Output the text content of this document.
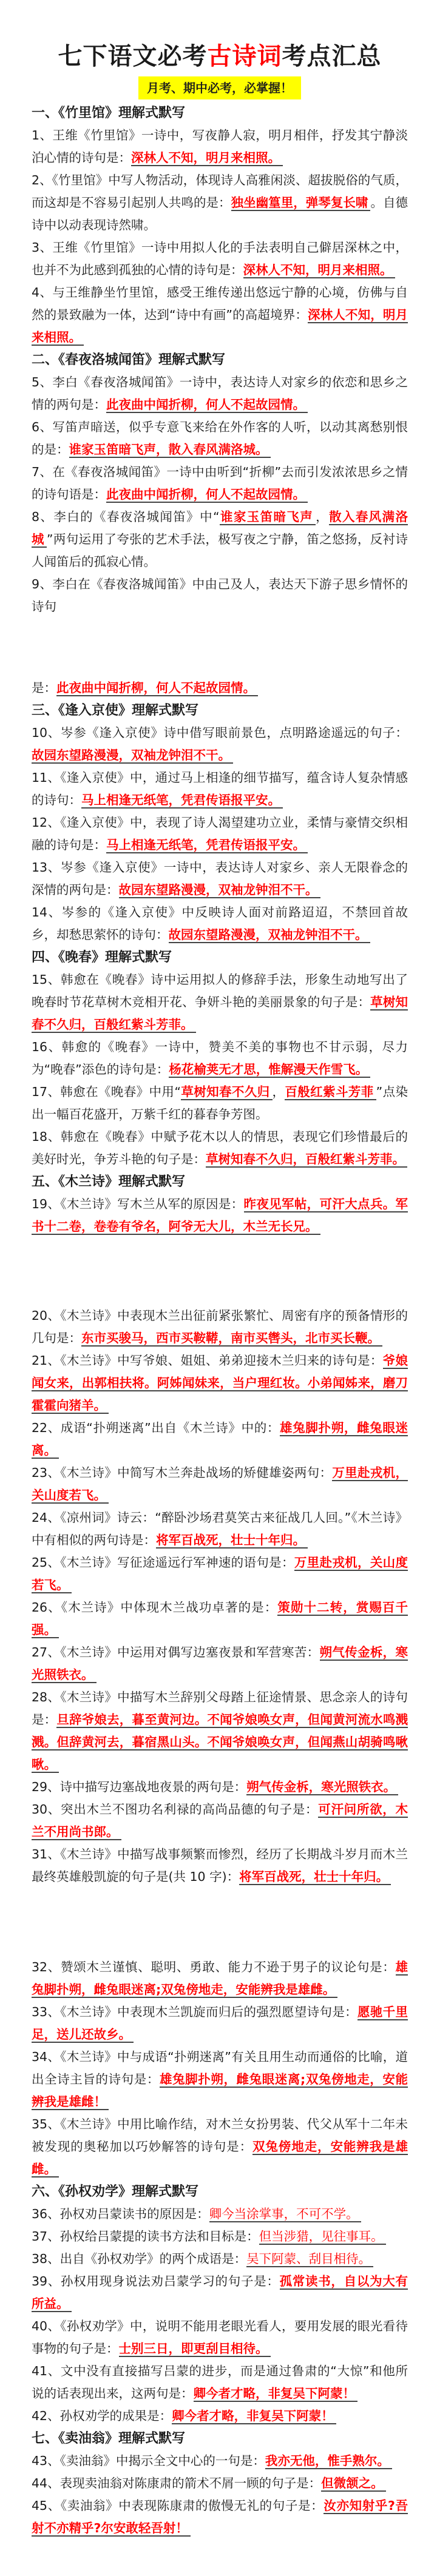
七下语文必考古诗词考点汇总
月考、期中必考，必掌握！
一、《竹里馆》理解式默写
1、王维《竹里馆》一诗中，写夜静人寂，明月相伴，抒发其宁静淡泊心情的诗句是：深林人不知，明月来相照。
2、《竹里馆》中写人物活动，体现诗人高雅闲淡、超拔脱俗的气质，而这却是不容易引起别人共鸣的是：独坐幽篁里，弹琴复长啸 。自德诗中以动表现诗然啸。
3、王维《竹里馆》一诗中用拟人化的手法表明自己僻居深林之中，也并不为此感到孤独的心情的诗句是：深林人不知，明月来相照。
4、与王维静坐竹里馆，感受王维传递出悠远宁静的心境，仿佛与自然的景致融为一体，达到“诗中有画”的高超境界：深林人不知，明月来相照。
二、《春夜洛城闻笛》理解式默写
5、李白《春夜洛城闻笛》一诗中，表达诗人对家乡的依恋和思乡之情的两句是：此夜曲中闻折柳，何人不起故园情。
6、写笛声暗送，似乎专意飞来给在外作客的人听，以动其离愁别恨的是：谁家玉笛暗飞声，散入春风满洛城。
7、在《春夜洛城闻笛》一诗中由听到“折柳”去而引发浓浓思乡之情的诗句语是：此夜曲中闻折柳，何人不起故园情。
8、李白的《春夜洛城闻笛》中“谁家玉笛暗飞声 ，散入春风满洛城 ”两句运用了夸张的艺术手法，极写夜之宁静，笛之悠扬，反衬诗人闻笛后的孤寂心情。
9、李白在《春夜洛城闻笛》中由己及人，表达天下游子思乡情怀的诗句
是：此夜曲中闻折柳，何人不起故园情。
三、《逢入京使》理解式默写
10、岑参《逢入京使》诗中借写眼前景色，点明路途遥远的句子：故园东望路漫漫，双袖龙钟泪不干。
11、《逢入京使》中，通过马上相逢的细节描写，蕴含诗人复杂情感的诗句：马上相逢无纸笔，凭君传语报平安。
12、《逢入京使》中，表现了诗人渴望建功立业，柔情与豪情交织相融的诗句是：马上相逢无纸笔，凭君传语报平安。
13、岑参《逢入京使》一诗中，表达诗人对家乡、亲人无限眷念的深情的两句是：故园东望路漫漫，双袖龙钟泪不干。
14、岑参的《逢入京使》中反映诗人面对前路迢迢，不禁回首故乡，却愁思萦怀的诗句：故园东望路漫漫，双袖龙钟泪不干。
四、《晚春》理解式默写
15、韩愈在《晚春》诗中运用拟人的修辞手法，形象生动地写出了晚春时节花草树木竞相开花、争妍斗艳的美丽景象的句子是：草树知春不久归，百般红紫斗芳菲。
16、韩愈的《晚春》一诗中，赞美不美的事物也不甘示弱，尽力为“晚春”添色的诗句是：杨花榆荚无才思，惟解漫天作雪飞。
17、韩愈在《晚春》中用“草树知春不久归 ，百般红紫斗芳菲 ”点染出一幅百花盛开，万紫千红的暮春争芳图。
18、韩愈在《晚春》中赋予花木以人的情思，表现它们珍惜最后的美好时光，争芳斗艳的句子是：草树知春不久归，百般红紫斗芳菲。
五、《木兰诗》理解式默写
19、《木兰诗》写木兰从军的原因是：昨夜见军帖，可汗大点兵。军书十二卷，卷卷有爷名，阿爷无大儿，木兰无长兄。
20、《木兰诗》中表现木兰出征前紧张繁忙、周密有序的预备情形的几句是：东市买骏马，西市买鞍鞯，南市买辔头，北市买长鞭。
21、《木兰诗》中写爷娘、姐姐、弟弟迎接木兰归来的诗句是：爷娘闻女来，出郭相扶将。阿姊闻妹来，当户理红妆。小弟闻姊来，磨刀霍霍向猪羊。
22、成语“扑朔迷离”出自《木兰诗》中的：雄兔脚扑朔，雌兔眼迷离。
23、《木兰诗》中简写木兰奔赴战场的矫健雄姿两句：万里赴戎机，关山度若飞。
24、《凉州词》诗云：“醉卧沙场君莫笑古来征战几人回。”《木兰诗》中有相似的两句诗是：将军百战死，壮士十年归。
25、《木兰诗》写征途遥远行军神速的语句是：万里赴戎机，关山度若飞。
26、《木兰诗》中体现木兰战功卓著的是：策勋十二转，赏赐百千强。
27、《木兰诗》中运用对偶写边塞夜景和军营寒苦：朔气传金柝，寒光照铁衣。
28、《木兰诗》中描写木兰辞别父母踏上征途情景、思念亲人的诗句是：旦辞爷娘去，暮至黄河边。不闻爷娘唤女声，但闻黄河流水鸣溅溅。但辞黄河去，暮宿黑山头。不闻爷娘唤女声，但闻燕山胡骑鸣啾啾。
29、诗中描写边塞战地夜景的两句是：朔气传金柝，寒光照铁衣。
30、突出木兰不图功名利禄的高尚品德的句子是：可汗问所欲，木兰不用尚书郎。
31、《木兰诗》中描写战事频繁而惨烈，经历了长期战斗岁月而木兰最终英雄般凯旋的句子是(共 10 字)：将军百战死，壮士十年归。
32、赞颂木兰谨慎、聪明、勇敢、能力不逊于男子的议论句是：雄兔脚扑朔，雌兔眼迷离;双兔傍地走，安能辨我是雄雌。
33、《木兰诗》中表现木兰凯旋而归后的强烈愿望诗句是：愿驰千里足，送儿还故乡。
34、《木兰诗》中与成语“扑朔迷离”有关且用生动而通俗的比喻，道出全诗主旨的诗句是：雄兔脚扑朔，雌兔眼迷离;双兔傍地走，安能辨我是雄雌！
35、《木兰诗》中用比喻作结，对木兰女扮男装、代父从军十二年未被发现的奥秘加以巧妙解答的诗句是：双兔傍地走，安能辨我是雄雌。
六、《孙权劝学》理解式默写
36、孙权劝吕蒙读书的原因是：卿今当涂掌事，不可不学。
37、孙权给吕蒙提的读书方法和目标是：但当涉猎，见往事耳。
38、出自《孙权劝学》的两个成语是：吴下阿蒙、刮目相待。
39、孙权用现身说法劝吕蒙学习的句子是：孤常读书，自以为大有所益。
40、《孙权劝学》中，说明不能用老眼光看人，要用发展的眼光看待事物的句子是：士别三日，即更刮目相待。
41、文中没有直接描写吕蒙的进步，而是通过鲁肃的“大惊”和他所说的话表现出来，这两句是：卿今者才略，非复吴下阿蒙！
42、孙权劝学的成果是：卿今者才略，非复吴下阿蒙！
七、《卖油翁》理解式默写
43、《卖油翁》中揭示全文中心的一句是：我亦无他，惟手熟尔。
44、表现卖油翁对陈康肃的箭术不屑一顾的句子是：但微颔之。
45、《卖油翁》中表现陈康肃的傲慢无礼的句子是：汝亦知射乎?吾射不亦精乎?尔安敢轻吾射！
